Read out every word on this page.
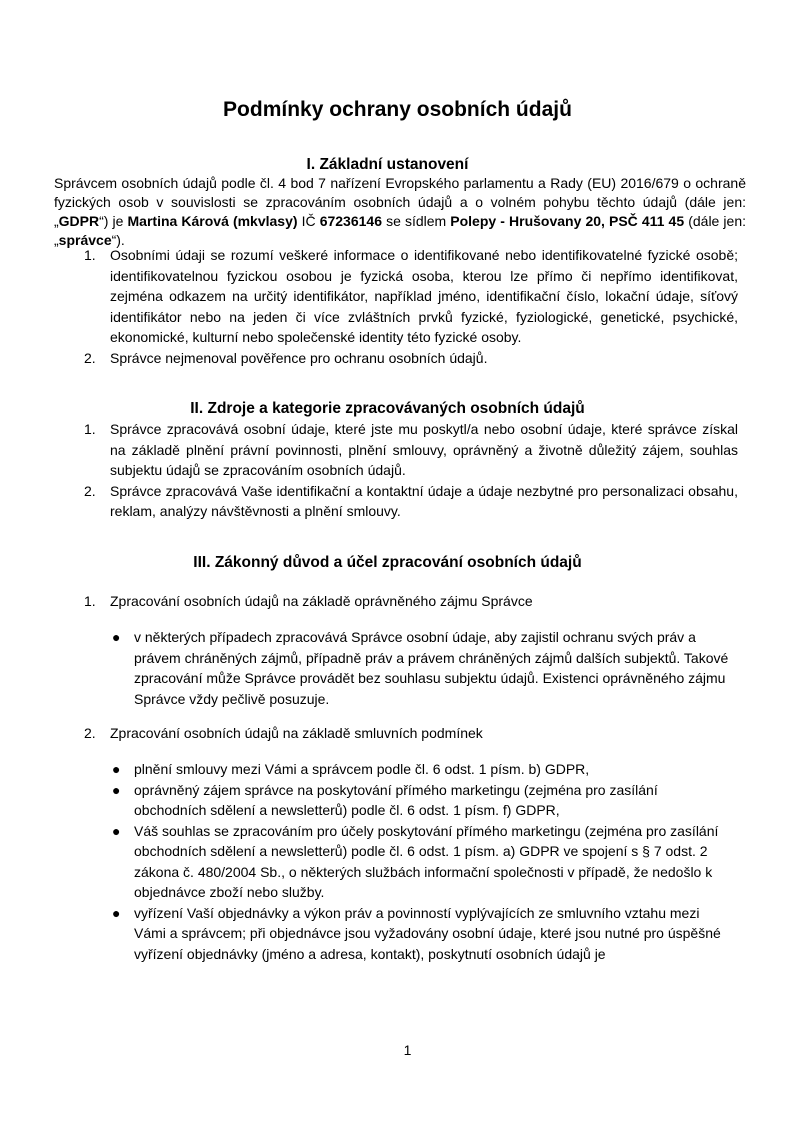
Podmínky ochrany osobních údajů
I. Základní ustanovení

Správcem osobních údajů podle čl. 4 bod 7 nařízení Evropského parlamentu a Rady (EU) 2016/679 o ochraně fyzických osob v souvislosti se zpracováním osobních údajů a o volném pohybu těchto údajů (dále jen: „GDPR“) je Martina Kárová (mkvlasy) IČ 67236146 se sídlem Polepy - Hrušovany 20, PSČ 411 45 (dále jen: „správce“).

1. Osobními údaji se rozumí veškeré informace o identifikované nebo identifikovatelné fyzické osobě; identifikovatelnou fyzickou osobou je fyzická osoba, kterou lze přímo či nepřímo identifikovat, zejména odkazem na určitý identifikátor, například jméno, identifikační číslo, lokační údaje, síťový identifikátor nebo na jeden či více zvláštních prvků fyzické, fyziologické, genetické, psychické, ekonomické, kulturní nebo společenské identity této fyzické osoby.
2. Správce nejmenoval pověřence pro ochranu osobních údajů.
II. Zdroje a kategorie zpracovávaných osobních údajů
1. Správce zpracovává osobní údaje, které jste mu poskytl/a nebo osobní údaje, které správce získal na základě plnění právní povinnosti, plnění smlouvy, oprávněný a životně důležitý zájem, souhlas subjektu údajů se zpracováním osobních údajů.
2. Správce zpracovává Vaše identifikační a kontaktní údaje a údaje nezbytné pro personalizaci obsahu, reklam, analýzy návštěvnosti a plnění smlouvy.
III. Zákonný důvod a účel zpracování osobních údajů
1. Zpracování osobních údajů na základě oprávněného zájmu Správce
● v některých případech zpracovává Správce osobní údaje, aby zajistil ochranu svých práv a právem chráněných zájmů, případně práv a právem chráněných zájmů dalších subjektů. Takové zpracování může Správce provádět bez souhlasu subjektu údajů. Existenci oprávněného zájmu Správce vždy pečlivě posuzuje.
2. Zpracování osobních údajů na základě smluvních podmínek
● plnění smlouvy mezi Vámi a správcem podle čl. 6 odst. 1 písm. b) GDPR,
● oprávněný zájem správce na poskytování přímého marketingu (zejména pro zasílání obchodních sdělení a newsletterů) podle čl. 6 odst. 1 písm. f) GDPR,
● Váš souhlas se zpracováním pro účely poskytování přímého marketingu (zejména pro zasílání obchodních sdělení a newsletterů) podle čl. 6 odst. 1 písm. a) GDPR ve spojení s § 7 odst. 2 zákona č. 480/2004 Sb., o některých službách informační společnosti v případě, že nedošlo k objednávce zboží nebo služby.
● vyřízení Vaší objednávky a výkon práv a povinností vyplývajících ze smluvního vztahu mezi Vámi a správcem; při objednávce jsou vyžadovány osobní údaje, které jsou nutné pro úspěšné vyřízení objednávky (jméno a adresa, kontakt), poskytnutí osobních údajů je
1
